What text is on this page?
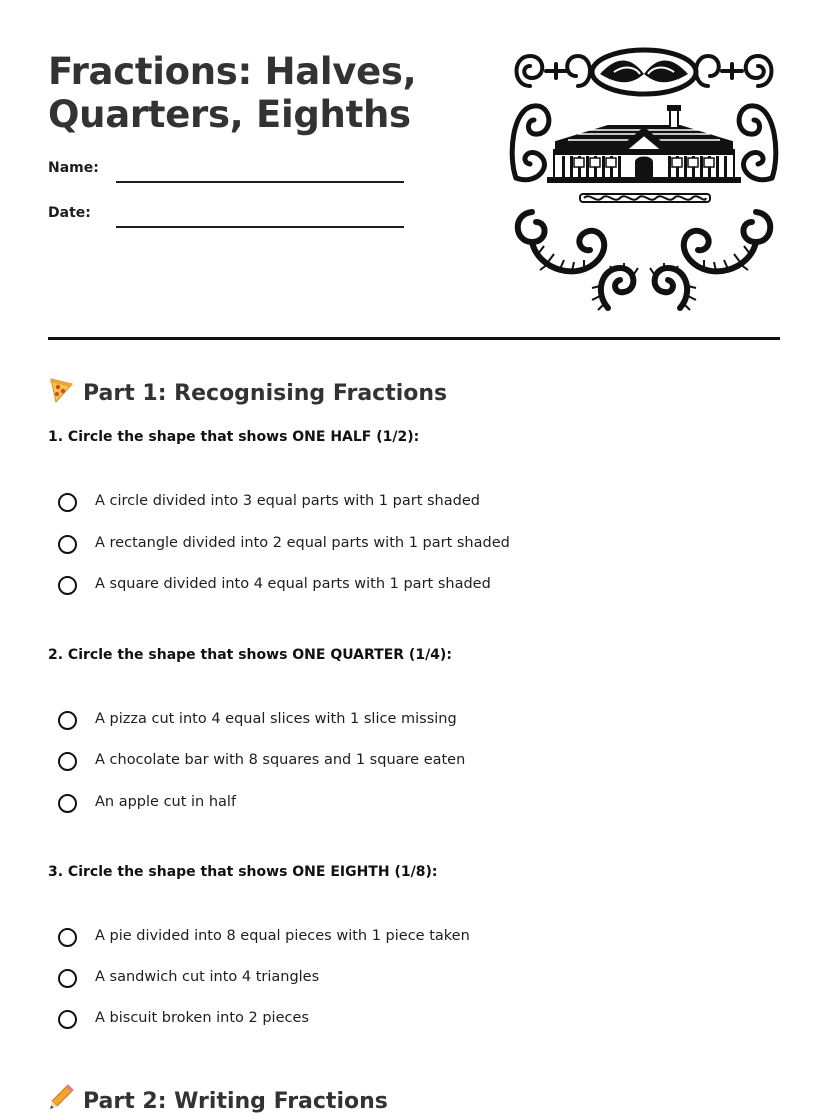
Fractions: Halves, Quarters, Eighths
Name:
Date:
Part 1: Recognising Fractions
1. Circle the shape that shows ONE HALF (1/2):
A circle divided into 3 equal parts with 1 part shaded
A rectangle divided into 2 equal parts with 1 part shaded
A square divided into 4 equal parts with 1 part shaded
2. Circle the shape that shows ONE QUARTER (1/4):
A pizza cut into 4 equal slices with 1 slice missing
A chocolate bar with 8 squares and 1 square eaten
An apple cut in half
3. Circle the shape that shows ONE EIGHTH (1/8):
A pie divided into 8 equal pieces with 1 piece taken
A sandwich cut into 4 triangles
A biscuit broken into 2 pieces
Part 2: Writing Fractions
